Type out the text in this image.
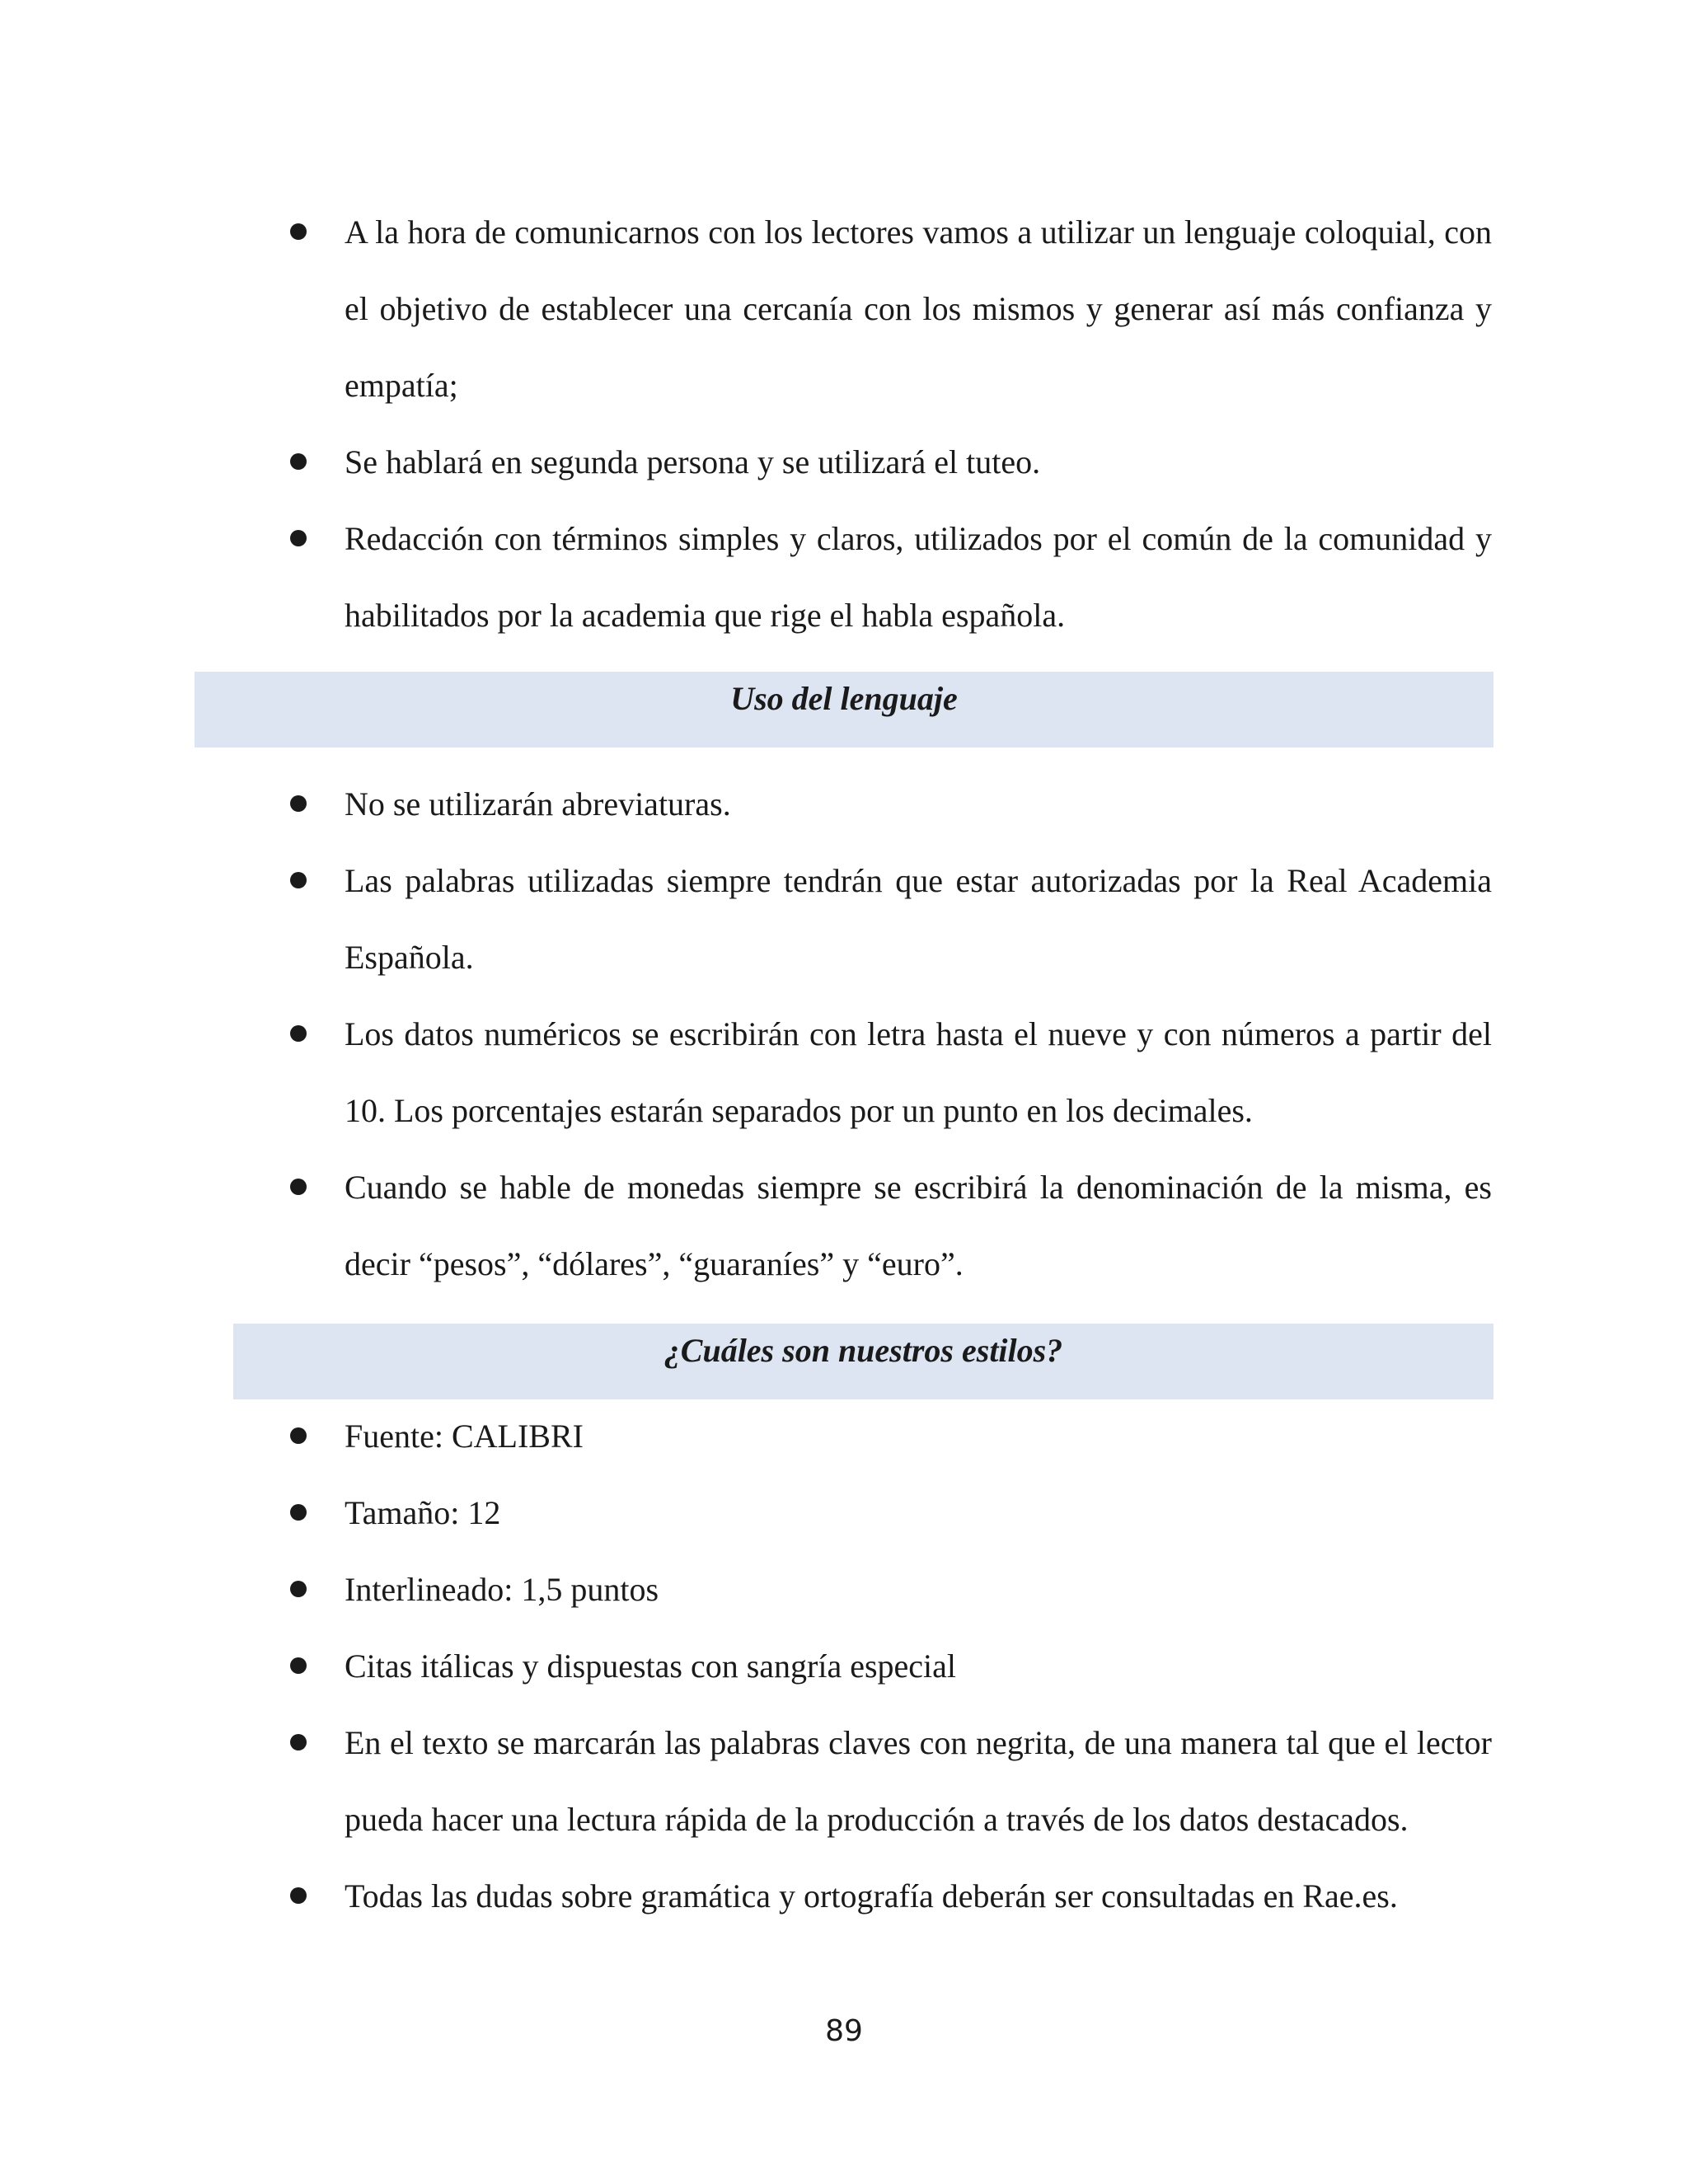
A la hora de comunicarnos con los lectores vamos a utilizar un lenguaje coloquial, con el objetivo de establecer una cercanía con los mismos y generar así más confianza y empatía;
Se hablará en segunda persona y se utilizará el tuteo.
Redacción con términos simples y claros, utilizados por el común de la comunidad y habilitados por la academia que rige el habla española.
Uso del lenguaje
No se utilizarán abreviaturas.
Las palabras utilizadas siempre tendrán que estar autorizadas por la Real Academia Española.
Los datos numéricos se escribirán con letra hasta el nueve y con números a partir del 10. Los porcentajes estarán separados por un punto en los decimales.
Cuando se hable de monedas siempre se escribirá la denominación de la misma, es decir “pesos”, “dólares”, “guaraníes” y “euro”.
¿Cuáles son nuestros estilos?
Fuente: CALIBRI
Tamaño: 12
Interlineado: 1,5 puntos
Citas itálicas y dispuestas con sangría especial
En el texto se marcarán las palabras claves con negrita, de una manera tal que el lector pueda hacer una lectura rápida de la producción a través de los datos destacados.
Todas las dudas sobre gramática y ortografía deberán ser consultadas en Rae.es.

89
